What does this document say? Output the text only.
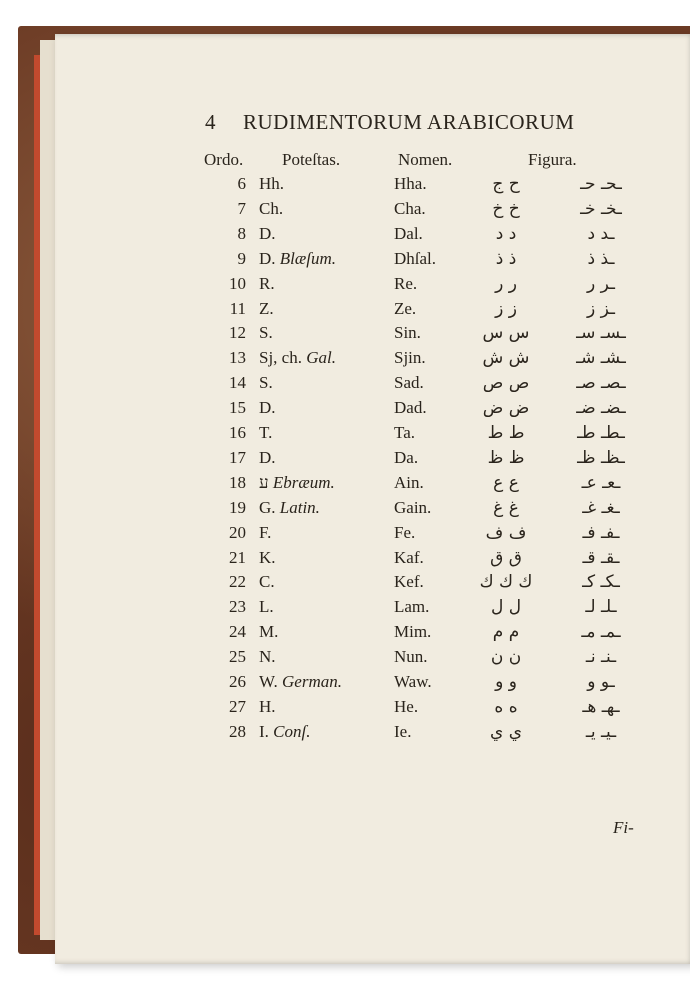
4 RUDIMENTORUM ARABICORUM
Ordo. Poteſtas.	Nomen.	Figura.
6 Hh.	Hha.	ح ج	ـحـ حـ
7 Ch.	Cha.	خ خ	ـخـ خـ
8 D.	Dal.	د د	ـد د
9 D. Blæſum.	Dhſal.	ذ ذ	ـذ ذ
10 R.	Re.	ر ر	ـر ر
11 Z.	Ze.	ز ز	ـز ز
12 S.	Sin.	س س	ـسـ سـ
13 Sj, ch. Gal.	Sjin.	ش ش	ـشـ شـ
14 S.	Sad.	ص ص	ـصـ صـ
15 D.	Dad.	ض ض	ـضـ ضـ
16 T.	Ta.	ط ط	ـطـ طـ
17 D.	Da.	ظ ظ	ـظـ ظـ
18 ע Ebræum.	Ain.	ع ع	ـعـ عـ
19 G. Latin.	Gain.	غ غ	ـغـ غـ
20 F.	Fe.	ف ف	ـفـ فـ
21 K.	Kaf.	ق ق	ـقـ قـ
22 C.	Kef.	ك ك ك	ـكـ كـ
23 L.	Lam.	ل ل	ـلـ لـ
24 M.	Mim.	م م	ـمـ مـ
25 N.	Nun.	ن ن	ـنـ نـ
26 W. German.	Waw.	و و	ـو و
27 H.	He.	ه ه	ـهـ هـ
28 I. Conſ.	Ie.	ي ي	ـيـ يـ
Fi-
